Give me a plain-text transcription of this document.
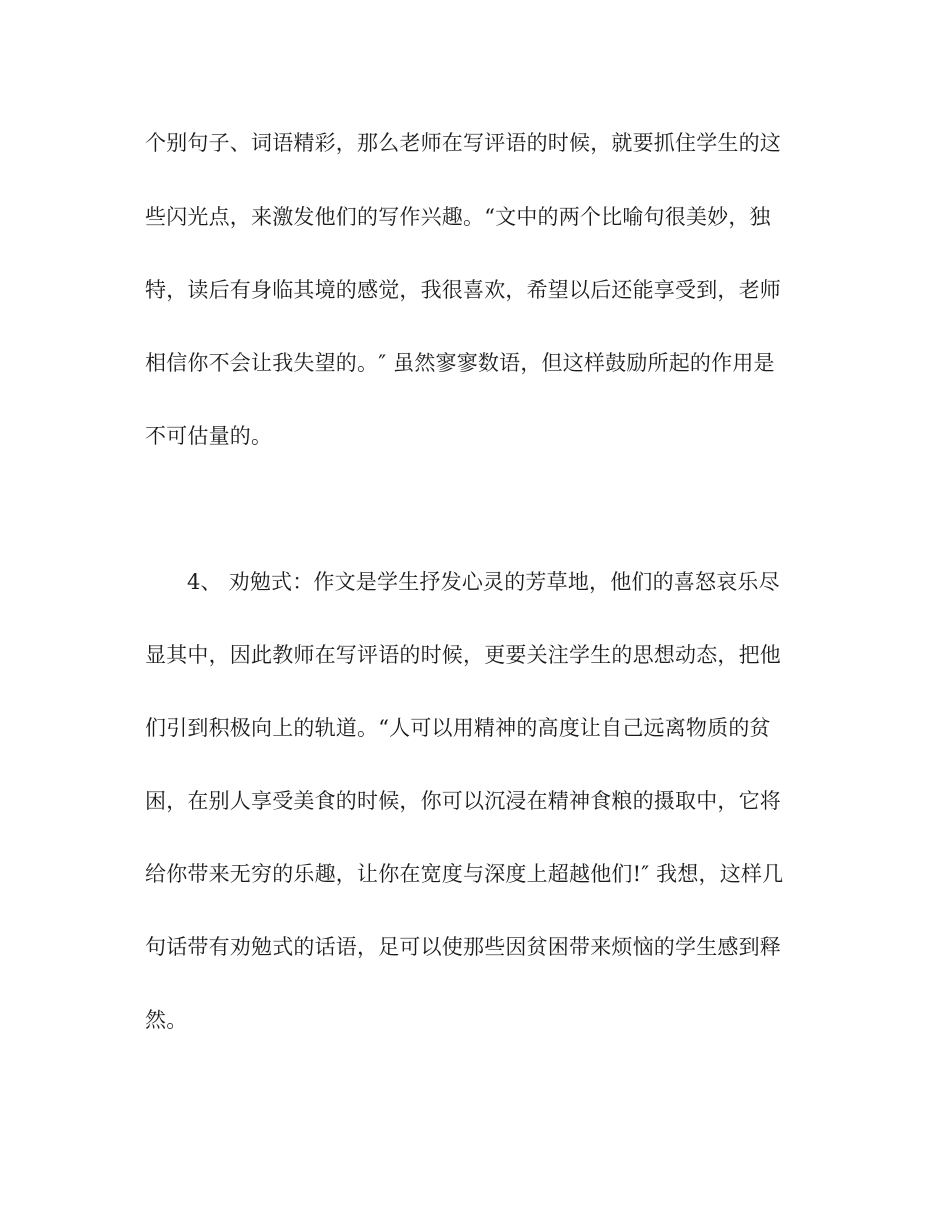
个别句子、词语精彩，那么老师在写评语的时候，就要抓住学生的这
些闪光点，来激发他们的写作兴趣。“文中的两个比喻句很美妙，独
特，读后有身临其境的感觉，我很喜欢，希望以后还能享受到，老师
相信你不会让我失望的。″ 虽然寥寥数语，但这样鼓励所起的作用是
不可估量的。
4、 劝勉式：作文是学生抒发心灵的芳草地，他们的喜怒哀乐尽
显其中，因此教师在写评语的时候，更要关注学生的思想动态，把他
们引到积极向上的轨道。“人可以用精神的高度让自己远离物质的贫
困，在别人享受美食的时候，你可以沉浸在精神食粮的摄取中，它将
给你带来无穷的乐趣，让你在宽度与深度上超越他们!″ 我想，这样几
句话带有劝勉式的话语，足可以使那些因贫困带来烦恼的学生感到释
然。
